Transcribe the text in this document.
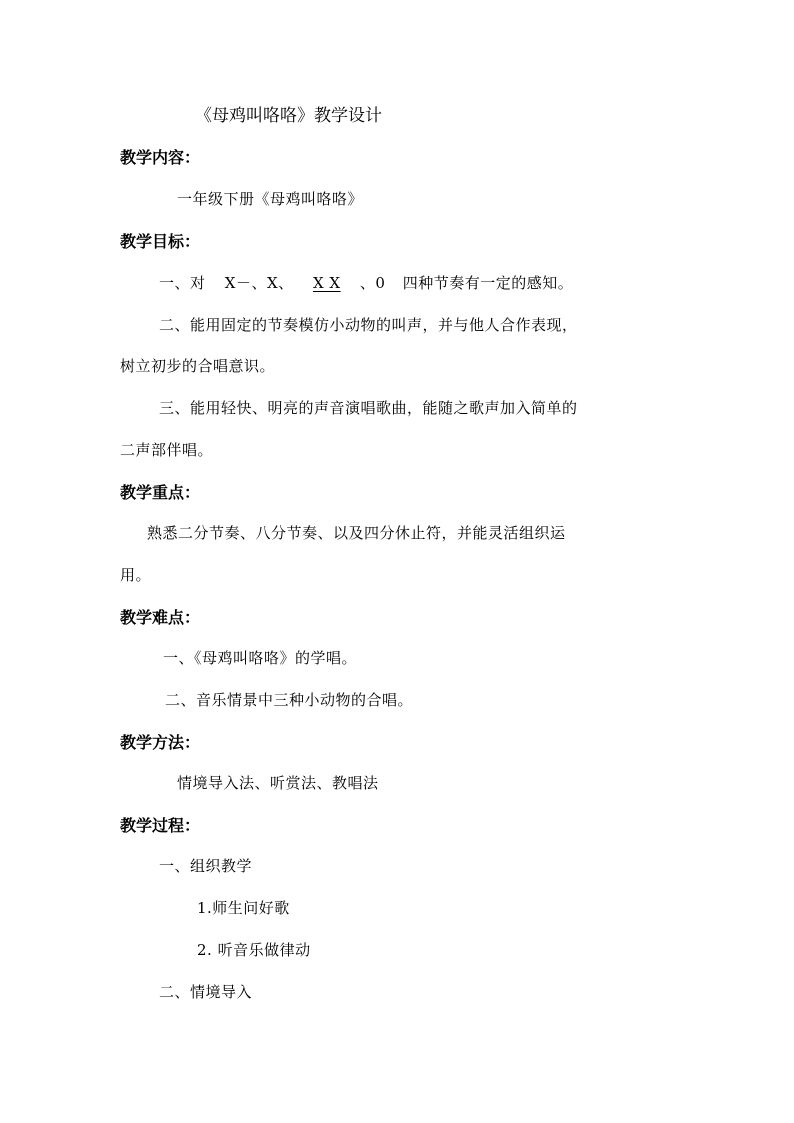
《母鸡叫咯咯》教学设计
教学内容：
一年级下册《母鸡叫咯咯》
教学目标：
一、对 X－、X、 X X 、0 四种节奏有一定的感知。
二、能用固定的节奏模仿小动物的叫声，并与他人合作表现，
树立初步的合唱意识。
三、能用轻快、明亮的声音演唱歌曲，能随之歌声加入简单的
二声部伴唱。
教学重点：
熟悉二分节奏、八分节奏、以及四分休止符，并能灵活组织运
用。
教学难点：
一、《母鸡叫咯咯》的学唱。
二、音乐情景中三种小动物的合唱。
教学方法：
情境导入法、听赏法、教唱法
教学过程：
一、组织教学
1.师生问好歌
2. 听音乐做律动
二、情境导入
